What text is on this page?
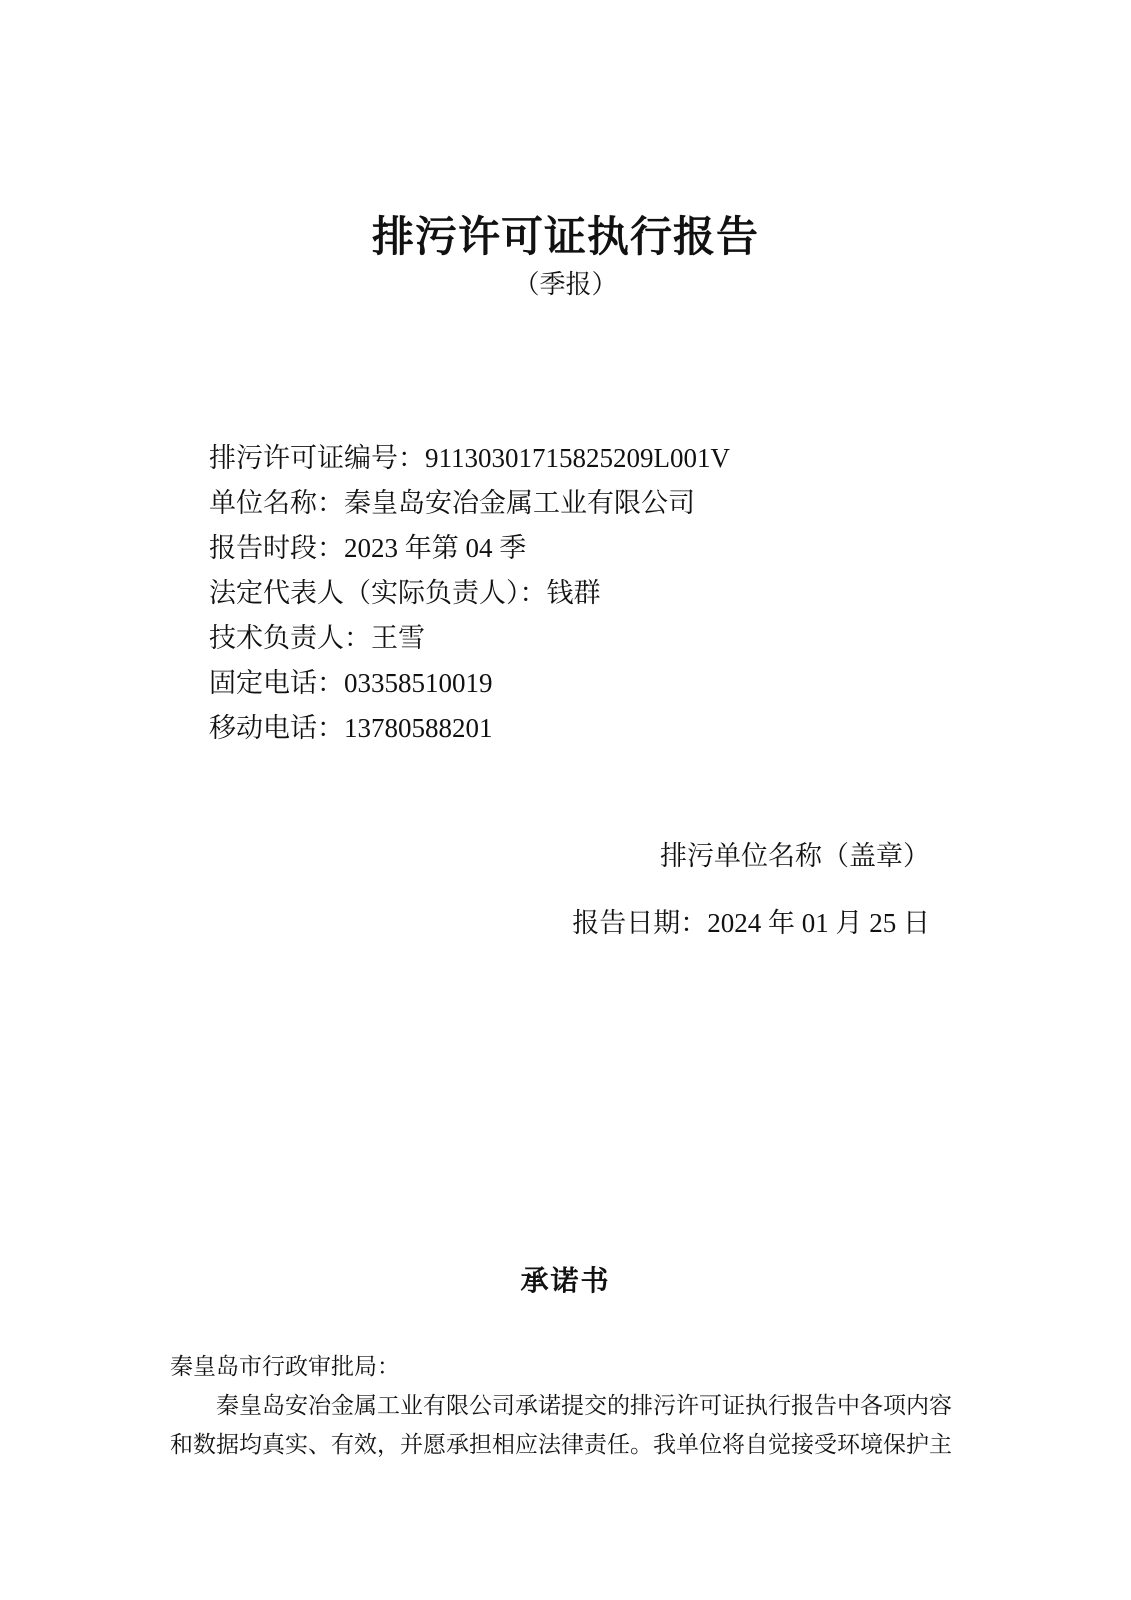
排污许可证执行报告
（季报）
排污许可证编号：91130301715825209L001V
单位名称：秦皇岛安冶金属工业有限公司
报告时段：2023 年第 04 季
法定代表人（实际负责人）：钱群
技术负责人：王雪
固定电话：03358510019
移动电话：13780588201
排污单位名称（盖章）
报告日期：2024 年 01 月 25 日
承诺书
秦皇岛市行政审批局：
秦皇岛安冶金属工业有限公司承诺提交的排污许可证执行报告中各项内容
和数据均真实、有效，并愿承担相应法律责任。我单位将自觉接受环境保护主
